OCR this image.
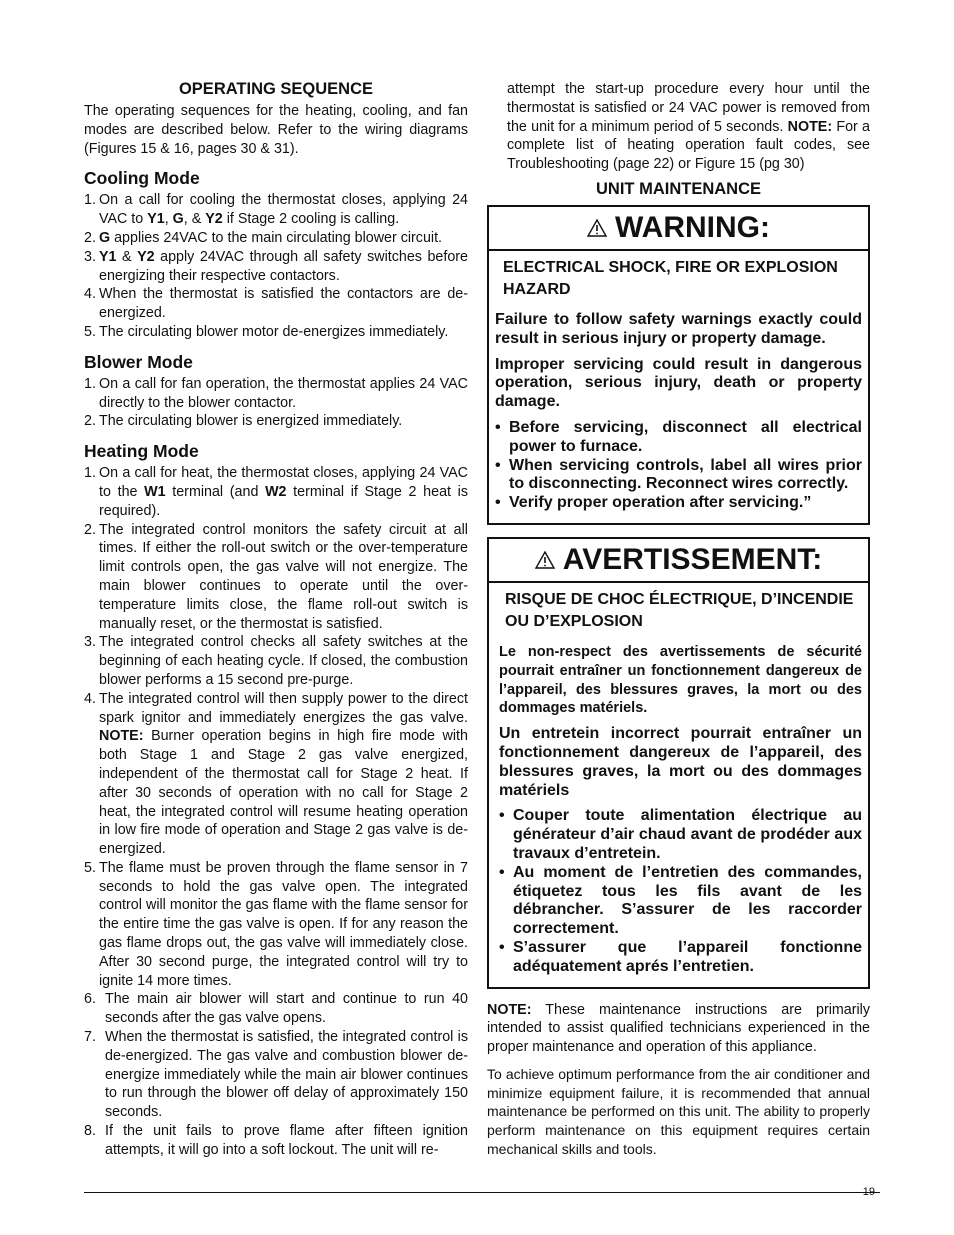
OPERATING SEQUENCE

The operating sequences for the heating, cooling, and fan modes are described below. Refer to the wiring diagrams (Figures 15 & 16, pages 30 & 31).

Cooling Mode
1. On a call for cooling the thermostat closes, applying 24 VAC to Y1, G, & Y2 if Stage 2 cooling is calling.
2. G applies 24VAC to the main circulating blower circuit.
3. Y1 & Y2 apply 24VAC through all safety switches before energizing their respective contactors.
4. When the thermostat is satisfied the contactors are de-energized.
5. The circulating blower motor de-energizes immediately.
Blower Mode
1. On a call for fan operation, the thermostat applies 24 VAC directly to the blower contactor.
2. The circulating blower is energized immediately.
Heating Mode
1. On a call for heat, the thermostat closes, applying 24 VAC to the W1 terminal (and W2 terminal if Stage 2 heat is required).
2. The integrated control monitors the safety circuit at all times. If either the roll-out switch or the over-temperature limit controls open, the gas valve will not energize. The main blower continues to operate until the over-temperature limits close, the flame roll-out switch is manually reset, or the thermostat is satisfied.
3. The integrated control checks all safety switches at the beginning of each heating cycle. If closed, the combustion blower performs a 15 second pre-purge.
4. The integrated control will then supply power to the direct spark ignitor and immediately energizes the gas valve. NOTE: Burner operation begins in high fire mode with both Stage 1 and Stage 2 gas valve energized, independent of the thermostat call for Stage 2 heat. If after 30 seconds of operation with no call for Stage 2 heat, the integrated control will resume heating operation in low fire mode of operation and Stage 2 gas valve is de-energized.
5. The flame must be proven through the flame sensor in 7 seconds to hold the gas valve open. The integrated control will monitor the gas flame with the flame sensor for the entire time the gas valve is open. If for any reason the gas flame drops out, the gas valve will immediately close. After 30 second purge, the integrated control will try to ignite 14 more times.
6. The main air blower will start and continue to run 40 seconds after the gas valve opens.
7. When the thermostat is satisfied, the integrated control is de-energized. The gas valve and combustion blower de-energize immediately while the main air blower continues to run through the blower off delay of approximately 150 seconds.
8. If the unit fails to prove flame after fifteen ignition attempts, it will go into a soft lockout. The unit will re-

attempt the start-up procedure every hour until the thermostat is satisfied or 24 VAC power is removed from the unit for a minimum period of 5 seconds. NOTE: For a complete list of heating operation fault codes, see Troubleshooting (page 22) or Figure 15 (pg 30)

UNIT MAINTENANCE
WARNING:
ELECTRICAL SHOCK, FIRE OR EXPLOSION HAZARD

Failure to follow safety warnings exactly could result in serious injury or property damage.

Improper servicing could result in dangerous operation, serious injury, death or property damage.

• Before servicing, disconnect all electrical power to furnace.
• When servicing controls, label all wires prior to disconnecting. Reconnect wires correctly.
• Verify proper operation after servicing.”
AVERTISSEMENT:
RISQUE DE CHOC ÉLECTRIQUE, D’INCENDIE OU D’EXPLOSION

Le non-respect des avertissements de sécurité pourrait entraîner un fonctionnement dangereux de l’appareil, des blessures graves, la mort ou des dommages matériels.

Un entretein incorrect pourrait entraîner un fonctionnement dangereux de l’appareil, des blessures graves, la mort ou des dommages matériels

• Couper toute alimentation électrique au générateur d’air chaud avant de prodéder aux travaux d’entretein.
• Au moment de l’entretien des commandes, étiquetez tous les fils avant de les débrancher. S’assurer de les raccorder correctement.
• S’assurer que l’appareil fonctionne adéquatement aprés l’entretien.

NOTE: These maintenance instructions are primarily intended to assist qualified technicians experienced in the proper maintenance and operation of this appliance.

To achieve optimum performance from the air conditioner and minimize equipment failure, it is recommended that annual maintenance be performed on this unit. The ability to properly perform maintenance on this equipment requires certain mechanical skills and tools.

19
